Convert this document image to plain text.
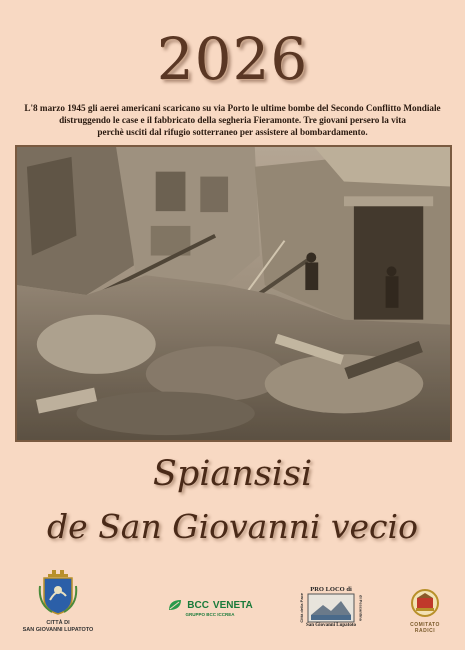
2026
L'8 marzo 1945 gli aerei americani scaricano su via Porto le ultime bombe del Secondo Conflitto Mondiale
distruggendo le case e il fabbricato della segheria Fieramonte. Tre giovani persero la vita
perchè usciti dal rifugio sotterraneo per assistere al bombardamento.
Spiansisi
de San Giovanni vecio
CITTÀ DI
SAN GIOVANNI LUPATOTO
BCC VENETA
GRUPPO BCC ICCREA
PRO LOCO di
Città della Pace	di Pescantina
San Giovanni Lupatoto	COMITATO
RADICI
